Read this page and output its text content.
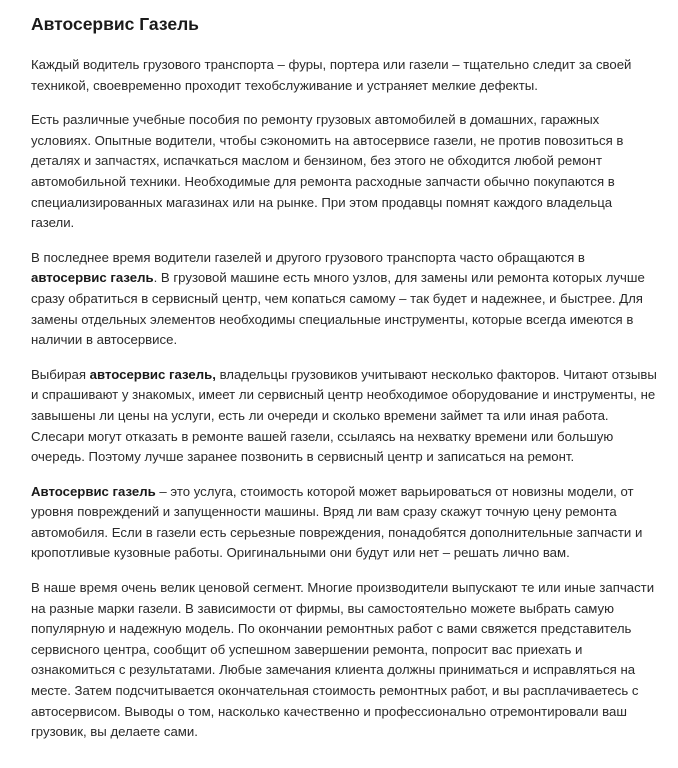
Автосервис Газель

Каждый водитель грузового транспорта – фуры, портера или газели – тщательно следит за своей техникой, своевременно проходит техобслуживание и устраняет мелкие дефекты.

Есть различные учебные пособия по ремонту грузовых автомобилей в домашних, гаражных условиях. Опытные водители, чтобы сэкономить на автосервисе газели, не против повозиться в деталях и запчастях, испачкаться маслом и бензином, без этого не обходится любой ремонт автомобильной техники. Необходимые для ремонта расходные запчасти обычно покупаются в специализированных магазинах или на рынке. При этом продавцы помнят каждого владельца газели.

В последнее время водители газелей и другого грузового транспорта часто обращаются в автосервис газель. В грузовой машине есть много узлов, для замены или ремонта которых лучше сразу обратиться в сервисный центр, чем копаться самому – так будет и надежнее, и быстрее. Для замены отдельных элементов необходимы специальные инструменты, которые всегда имеются в наличии в автосервисе.

Выбирая автосервис газель, владельцы грузовиков учитывают несколько факторов. Читают отзывы и спрашивают у знакомых, имеет ли сервисный центр необходимое оборудование и инструменты, не завышены ли цены на услуги, есть ли очереди и сколько времени займет та или иная работа. Слесари могут отказать в ремонте вашей газели, ссылаясь на нехватку времени или большую очередь. Поэтому лучше заранее позвонить в сервисный центр и записаться на ремонт.

Автосервис газель – это услуга, стоимость которой может варьироваться от новизны модели, от уровня повреждений и запущенности машины. Вряд ли вам сразу скажут точную цену ремонта автомобиля. Если в газели есть серьезные повреждения, понадобятся дополнительные запчасти и кропотливые кузовные работы. Оригинальными они будут или нет – решать лично вам.

В наше время очень велик ценовой сегмент. Многие производители выпускают те или иные запчасти на разные марки газели. В зависимости от фирмы, вы самостоятельно можете выбрать самую популярную и надежную модель. По окончании ремонтных работ с вами свяжется представитель сервисного центра, сообщит об успешном завершении ремонта, попросит вас приехать и ознакомиться с результатами. Любые замечания клиента должны приниматься и исправляться на месте. Затем подсчитывается окончательная стоимость ремонтных работ, и вы расплачиваетесь с автосервисом. Выводы о том, насколько качественно и профессионально отремонтировали ваш грузовик, вы делаете сами.
